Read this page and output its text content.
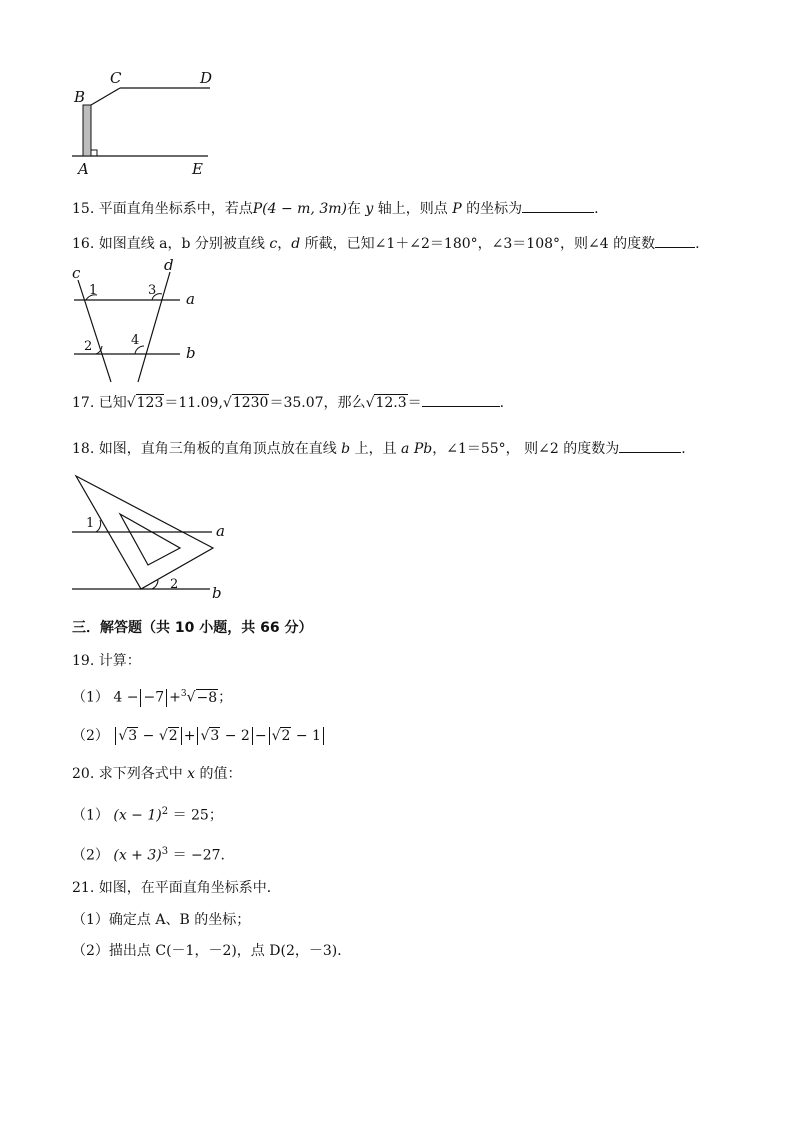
B
C	D
A	E
15. 平面直角坐标系中，若点P(4 − m, 3m)在 y 轴上，则点 P 的坐标为	.
16. 如图直线 a，b 分别被直线 c，d 所截，已知∠1＋∠2＝180°，∠3＝108°，则∠4 的度数	.
c	d
a
b
1	3
2	4
17. 已知√123＝11.09,√1230＝35.07，那么√12.3＝	.
18. 如图，直角三角板的直角顶点放在直线 b 上，且 a Pb，∠1＝55°， 则∠2 的度数为	.
1
2
a
b
三．解答题（共 10 小题，共 66 分）
19. 计算：
（1） 4 − −7 +$^3$√−8；
（2） √3 − √2 + √3 − 2 − √2 − 1
20. 求下列各式中 x 的值：
（1） $(x - 1)^2 = 25$；
（2） $(x + 3)^3 = -27$.
21. 如图，在平面直角坐标系中．
（1）确定点 A、B 的坐标；
（2）描出点 C(－1，－2)，点 D(2，－3)．
